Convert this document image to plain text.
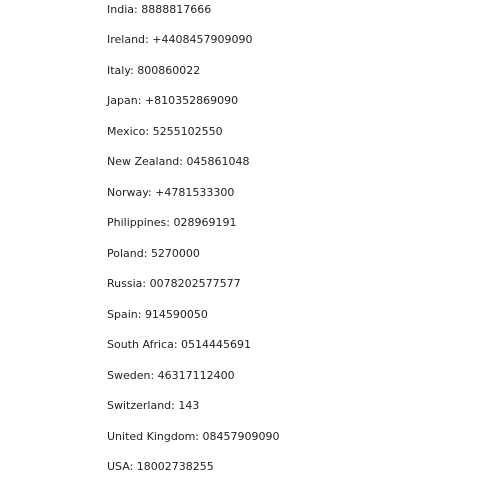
India: 8888817666
Ireland: +4408457909090
Italy: 800860022
Japan: +810352869090
Mexico: 5255102550
New Zealand: 045861048
Norway: +4781533300
Philippines: 028969191
Poland: 5270000
Russia: 0078202577577
Spain: 914590050
South Africa: 0514445691
Sweden: 46317112400
Switzerland: 143
United Kingdom: 08457909090
USA: 18002738255
